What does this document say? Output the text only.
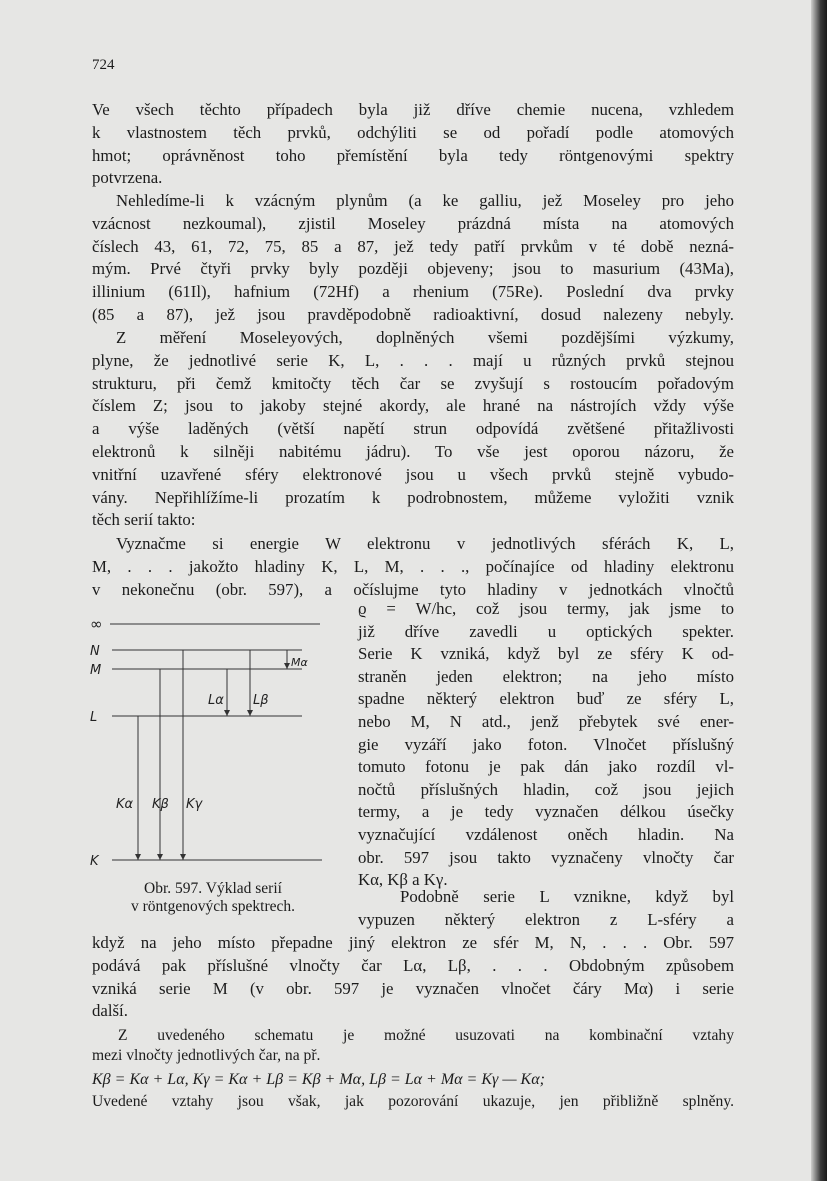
724

Ve všech těchto případech byla již dříve chemie nucena, vzhledem
k vlastnostem těch prvků, odchýliti se od pořadí podle atomových
hmot; oprávněnost toho přemístění byla tedy röntgenovými spektry
potvrzena.

Nehledíme-li k vzácným plynům (a ke galliu, jež Moseley pro jeho
vzácnost nezkoumal), zjistil Moseley prázdná místa na atomových
číslech 43, 61, 72, 75, 85 a 87, jež tedy patří prvkům v té době nezná-
mým. Prvé čtyři prvky byly později objeveny; jsou to masurium (43Ma),
illinium (61Il), hafnium (72Hf) a rhenium (75Re). Poslední dva prvky
(85 a 87), jež jsou pravděpodobně radioaktivní, dosud nalezeny nebyly.

Z měření Moseleyových, doplněných všemi pozdějšími výzkumy,
plyne, že jednotlivé serie K, L, . . . mají u různých prvků stejnou
strukturu, při čemž kmitočty těch čar se zvyšují s rostoucím pořadovým
číslem Z; jsou to jakoby stejné akordy, ale hrané na nástrojích vždy výše
a výše laděných (větší napětí strun odpovídá zvětšené přitažlivosti
elektronů k silněji nabitému jádru). To vše jest oporou názoru, že
vnitřní uzavřené sféry elektronové jsou u všech prvků stejně vybudo-
vány. Nepřihlížíme-li prozatím k podrobnostem, můžeme vyložiti vznik
těch serií takto:

Vyznačme si energie W elektronu v jednotlivých sférách K, L,
M, . . . jakožto hladiny K, L, M, . . ., počínajíce od hladiny elektronu
v nekonečnu (obr. 597), a očíslujme tyto hladiny v jednotkách vlnočtů

∞
N
M
L
K
Mα
Lα Lβ
Kα Kβ Kγ
Obr. 597. Výklad serií
v röntgenových spektrech.

ϱ = W/hc, což jsou termy, jak jsme to
již dříve zavedli u optických spekter.
Serie K vzniká, když byl ze sféry K od-
straněn jeden elektron; na jeho místo
spadne některý elektron buď ze sféry L,
nebo M, N atd., jenž přebytek své ener-
gie vyzáří jako foton. Vlnočet příslušný
tomuto fotonu je pak dán jako rozdíl vl-
nočtů příslušných hladin, což jsou jejich
termy, a je tedy vyznačen délkou úsečky
vyznačující vzdálenost oněch hladin. Na
obr. 597 jsou takto vyznačeny vlnočty čar
Kα, Kβ a Kγ.

Podobně serie L vznikne, když byl
vypuzen některý elektron z L-sféry a

když na jeho místo přepadne jiný elektron ze sfér M, N, . . . Obr. 597
podává pak příslušné vlnočty čar Lα, Lβ, . . . Obdobným způsobem
vzniká serie M (v obr. 597 je vyznačen vlnočet čáry Mα) i serie
další.

Z uvedeného schematu je možné usuzovati na kombinační vztahy
mezi vlnočty jednotlivých čar, na př.

Kβ = Kα + Lα, Kγ = Kα + Lβ = Kβ + Mα, Lβ = Lα + Mα = Kγ — Kα;

Uvedené vztahy jsou však, jak pozorování ukazuje, jen přibližně splněny.
